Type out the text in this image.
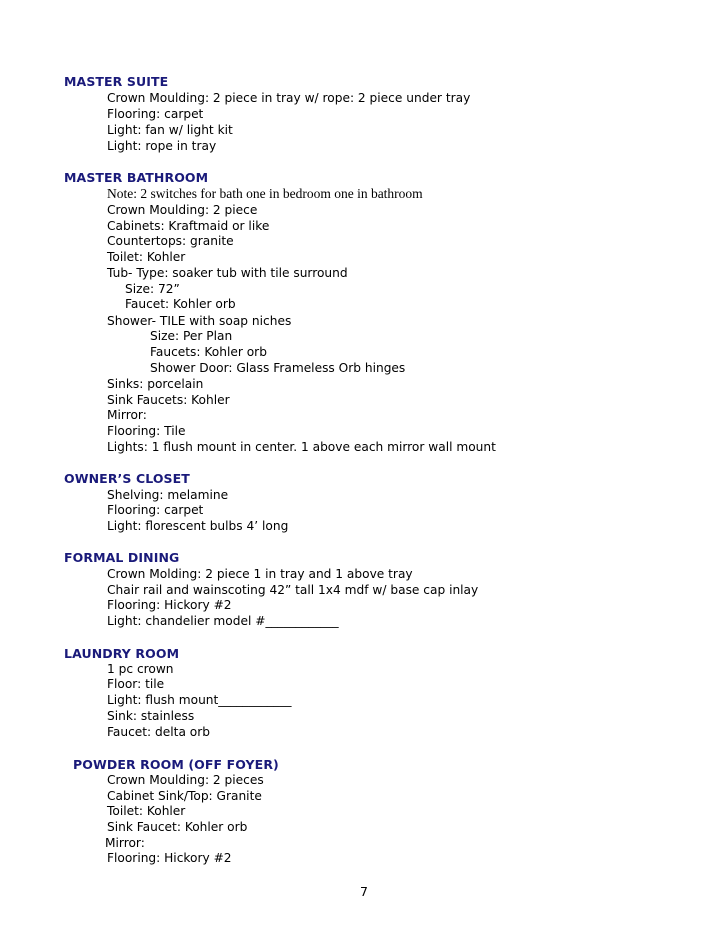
MASTER SUITE
Crown Moulding: 2 piece in tray w/ rope: 2 piece under tray
Flooring: carpet
Light: fan w/ light kit
Light: rope in tray
MASTER BATHROOM
Note: 2 switches for bath one in bedroom one in bathroom
Crown Moulding: 2 piece
Cabinets: Kraftmaid or like
Countertops: granite
Toilet: Kohler
Tub- Type: soaker tub with tile surround
Size: 72”
Faucet: Kohler orb
Shower- TILE with soap niches
Size: Per Plan
Faucets: Kohler orb
Shower Door: Glass Frameless Orb hinges
Sinks: porcelain
Sink Faucets: Kohler
Mirror:
Flooring: Tile
Lights: 1 flush mount in center. 1 above each mirror wall mount
OWNER’S CLOSET
Shelving: melamine
Flooring: carpet
Light: florescent bulbs 4’ long
FORMAL DINING
Crown Molding: 2 piece 1 in tray and 1 above tray
Chair rail and wainscoting 42” tall 1x4 mdf w/ base cap inlay
Flooring: Hickory #2
Light: chandelier model #____________
LAUNDRY ROOM
1 pc crown
Floor: tile
Light: flush mount____________
Sink: stainless
Faucet: delta orb
POWDER ROOM (OFF FOYER)
Crown Moulding: 2 pieces
Cabinet Sink/Top: Granite
Toilet: Kohler
Sink Faucet: Kohler orb
Mirror:
Flooring: Hickory #2
7
